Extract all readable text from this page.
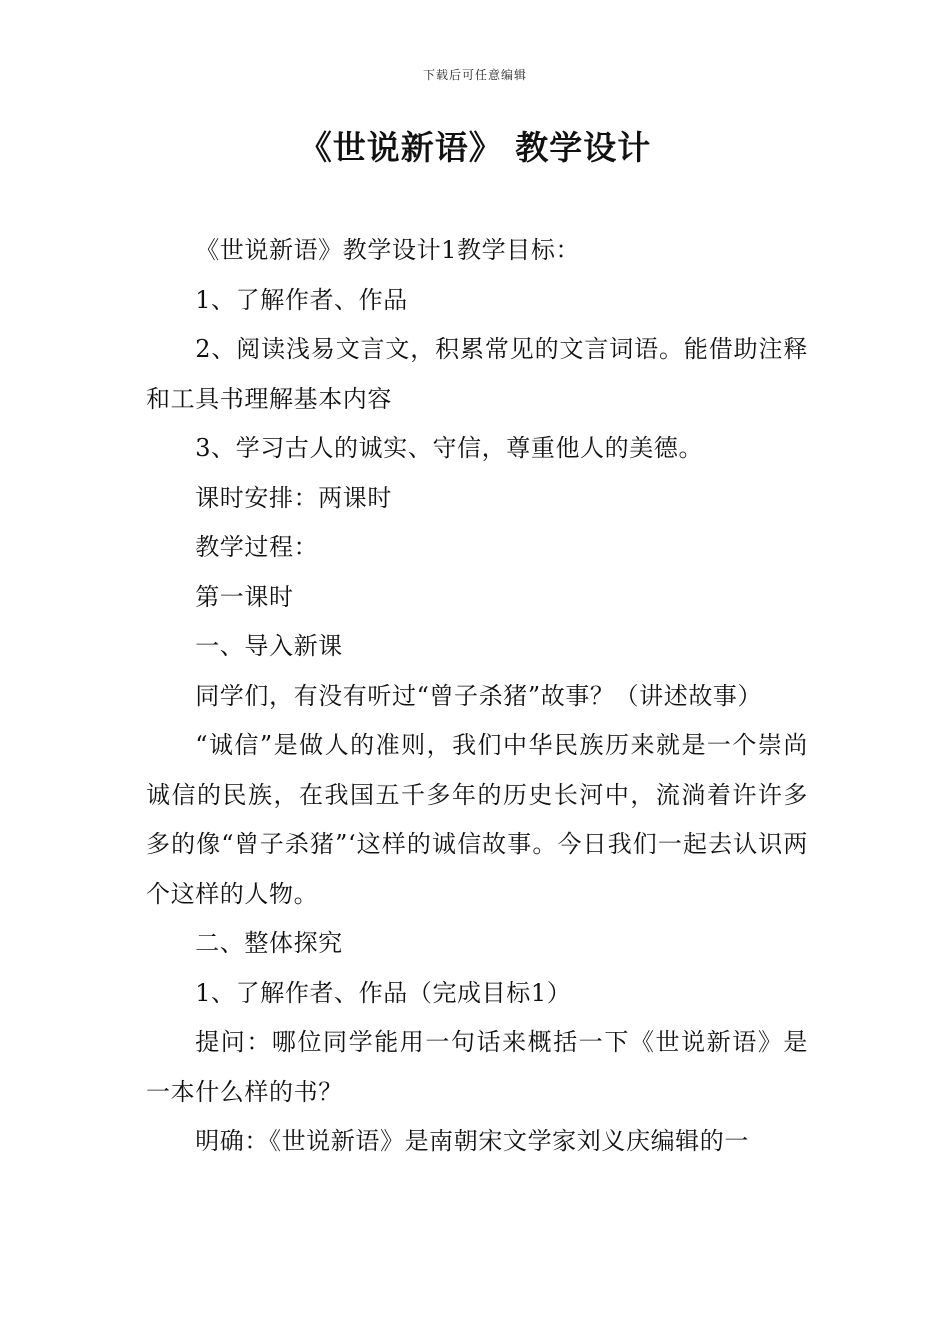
下载后可任意编辑
《世说新语》 教学设计

《世说新语》教学设计1教学目标：

1、了解作者、作品

2、阅读浅易文言文，积累常见的文言词语。能借助注释和工具书理解基本内容

3、学习古人的诚实、守信，尊重他人的美德。

课时安排：两课时

教学过程：

第一课时

一、导入新课

同学们，有没有听过“曾子杀猪”故事？（讲述故事）

“诚信”是做人的准则，我们中华民族历来就是一个崇尚诚信的民族，在我国五千多年的历史长河中，流淌着许许多多的像“曾子杀猪”‘这样的诚信故事。今日我们一起去认识两个这样的人物。

二、整体探究

1、了解作者、作品（完成目标1）

提问：哪位同学能用一句话来概括一下《世说新语》是一本什么样的书？

明确：《世说新语》是南朝宋文学家刘义庆编辑的一
